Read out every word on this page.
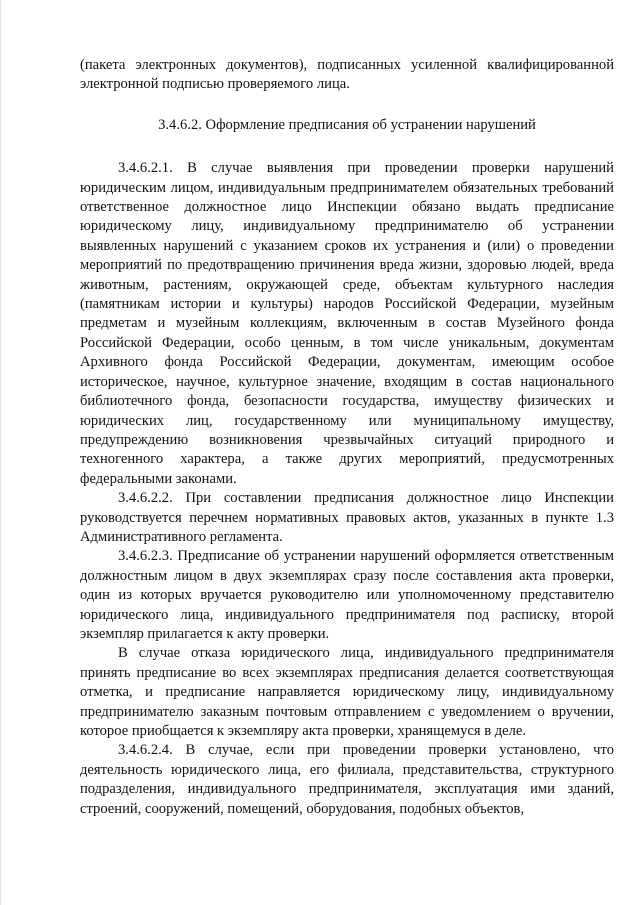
(пакета электронных документов), подписанных усиленной квалифицированной электронной подписью проверяемого лица.

3.4.6.2. Оформление предписания об устранении нарушений

3.4.6.2.1. В случае выявления при проведении проверки нарушений юридическим лицом, индивидуальным предпринимателем обязательных требований ответственное должностное лицо Инспекции обязано выдать предписание юридическому лицу, индивидуальному предпринимателю об устранении выявленных нарушений с указанием сроков их устранения и (или) о проведении мероприятий по предотвращению причинения вреда жизни, здоровью людей, вреда животным, растениям, окружающей среде, объектам культурного наследия (памятникам истории и культуры) народов Российской Федерации, музейным предметам и музейным коллекциям, включенным в состав Музейного фонда Российской Федерации, особо ценным, в том числе уникальным, документам Архивного фонда Российской Федерации, документам, имеющим особое историческое, научное, культурное значение, входящим в состав национального библиотечного фонда, безопасности государства, имуществу физических и юридических лиц, государственному или муниципальному имуществу, предупреждению возникновения чрезвычайных ситуаций природного и техногенного характера, а также других мероприятий, предусмотренных федеральными законами.

3.4.6.2.2. При составлении предписания должностное лицо Инспекции руководствуется перечнем нормативных правовых актов, указанных в пункте 1.3 Административного регламента.

3.4.6.2.3. Предписание об устранении нарушений оформляется ответственным должностным лицом в двух экземплярах сразу после составления акта проверки, один из которых вручается руководителю или уполномоченному представителю юридического лица, индивидуального предпринимателя под расписку, второй экземпляр прилагается к акту проверки.

В случае отказа юридического лица, индивидуального предпринимателя принять предписание во всех экземплярах предписания делается соответствующая отметка, и предписание направляется юридическому лицу, индивидуальному предпринимателю заказным почтовым отправлением с уведомлением о вручении, которое приобщается к экземпляру акта проверки, хранящемуся в деле.

3.4.6.2.4. В случае, если при проведении проверки установлено, что деятельность юридического лица, его филиала, представительства, структурного подразделения, индивидуального предпринимателя, эксплуатация ими зданий, строений, сооружений, помещений, оборудования, подобных объектов,
